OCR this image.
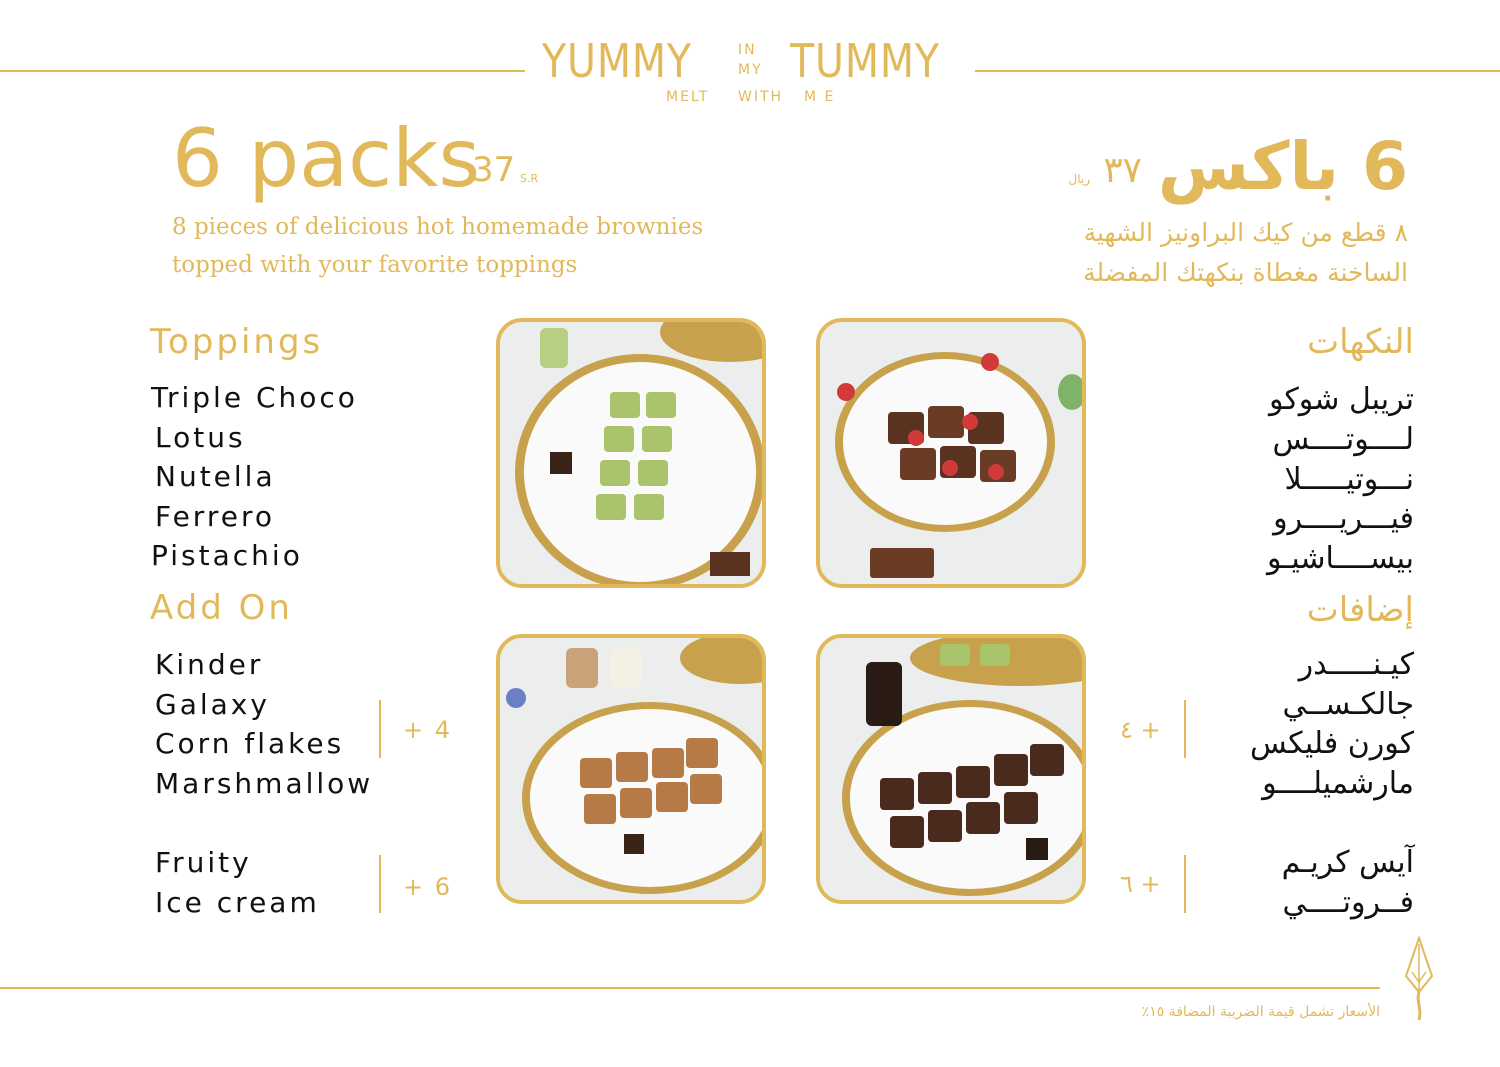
YUMMY	IN
MY TUMMY
MELT WITH M E
6 packs
37 S.R
8 pieces of delicious hot homemade brownies
topped with your favorite toppings
6 باكس
٣٧
ريال
٨ قطع من كيك البراونيز الشهية
الساخنة مغطاة بنكهتك المفضلة
Toppings
Triple Choco
Lotus
Nutella
Ferrero
Pistachio
Add On
Kinder
Galaxy
Corn flakes
Marshmallow
+ 4
Fruity
Ice cream	+ 6
النكهات
تريبل شوكو
لــــوتــــس
نـــوتيـــــلا
فيـــريــــرو
بيســــاشيـو
إضافات
كيـنـــــدر
جالكـســي
كورن فليكس
مارشميلــــو
+ ٤
آيس كريـم
فــروتــــي
+ ٦
الأسعار تشمل قيمة الضريبة المضافة ١٥٪
